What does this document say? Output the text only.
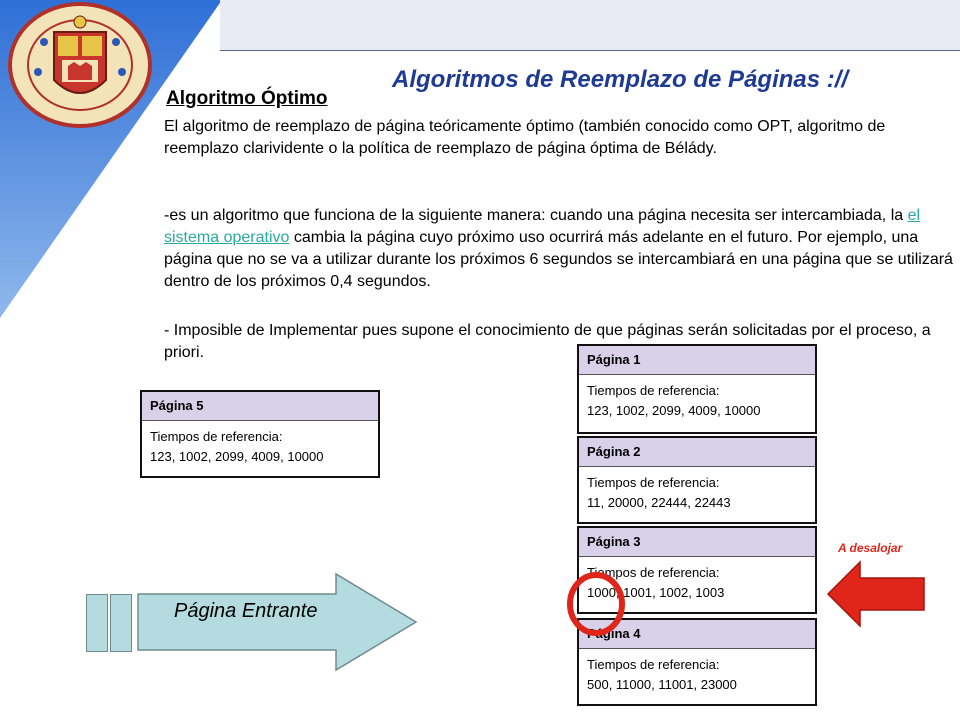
Algoritmos de Reemplazo de Páginas ://
Algoritmo Óptimo
El algoritmo de reemplazo de página teóricamente óptimo (también conocido como OPT, algoritmo de reemplazo clarividente o la política de reemplazo de página óptima de Bélády.
-es un algoritmo que funciona de la siguiente manera: cuando una página necesita ser intercambiada, la el sistema operativo cambia la página cuyo próximo uso ocurrirá más adelante en el futuro. Por ejemplo, una página que no se va a utilizar durante los próximos 6 segundos se intercambiará en una página que se utilizará dentro de los próximos 0,4 segundos.
- Imposible de Implementar pues supone el conocimiento de que páginas serán solicitadas por el proceso, a priori.	Página 1
Tiempos de referencia:
123, 1002, 2099, 4009, 10000
Página 2
Tiempos de referencia:
11, 20000, 22444, 22443
Página 3
Tiempos de referencia:
1000, 1001, 1002, 1003
Página 4
Tiempos de referencia:
500, 11000, 11001, 23000
Página 5
Tiempos de referencia:
123, 1002, 2099, 4009, 10000
Página Entrante
A desalojar
